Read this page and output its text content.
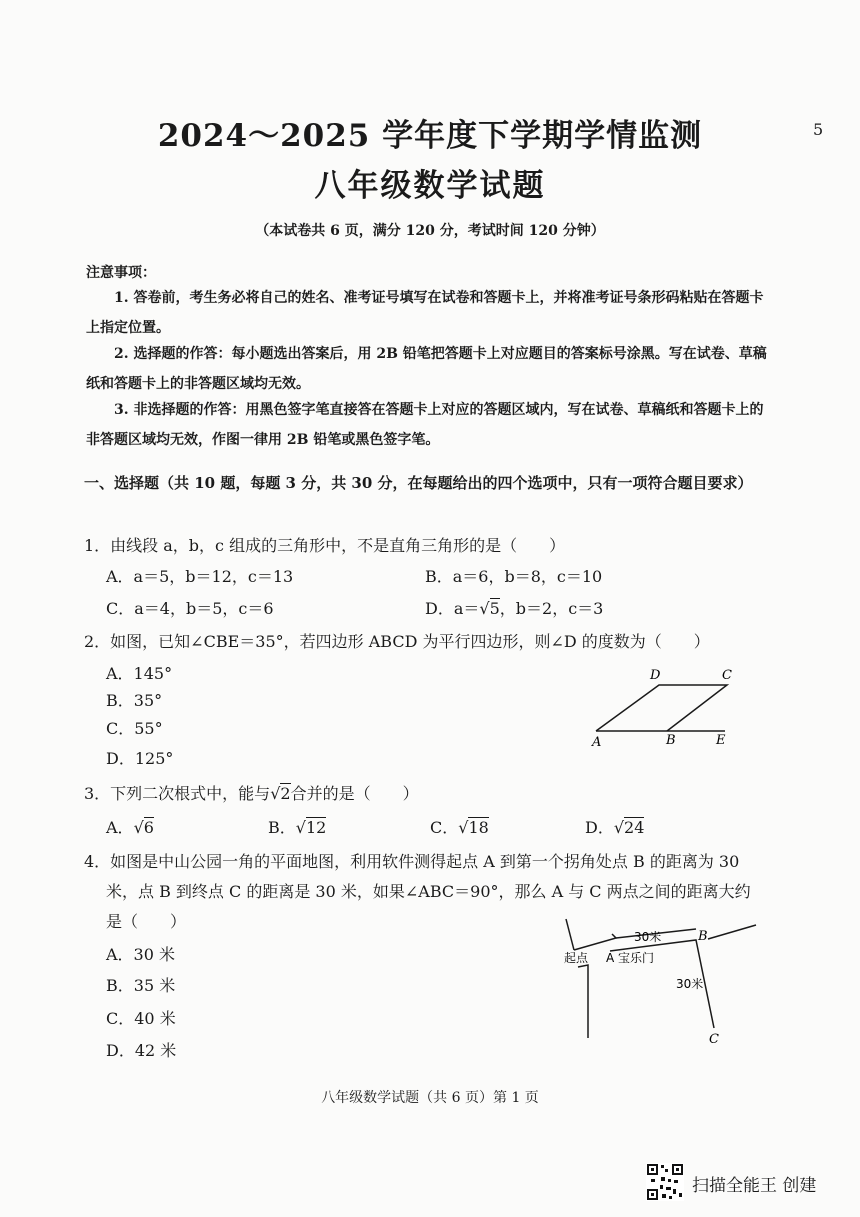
2024～2025 学年度下学期学情监测
八年级数学试题
5
（本试卷共 6 页，满分 120 分，考试时间 120 分钟）
注意事项：
1. 答卷前，考生务必将自己的姓名、准考证号填写在试卷和答题卡上，并将准考证号条形码粘贴在答题卡上指定位置。
2. 选择题的作答：每小题选出答案后，用 2B 铅笔把答题卡上对应题目的答案标号涂黑。写在试卷、草稿纸和答题卡上的非答题区域均无效。
3. 非选择题的作答：用黑色签字笔直接答在答题卡上对应的答题区域内，写在试卷、草稿纸和答题卡上的非答题区域均无效，作图一律用 2B 铅笔或黑色签字笔。
一、选择题（共 10 题，每题 3 分，共 30 分，在每题给出的四个选项中，只有一项符合题目要求）
1．由线段 a，b，c 组成的三角形中，不是直角三角形的是（　　）
A．a＝5，b＝12，c＝13	B．a＝6，b＝8，c＝10
C．a＝4，b＝5，c＝6	D．a＝√5，b＝2，c＝3
2．如图，已知∠CBE＝35°，若四边形 ABCD 为平行四边形，则∠D 的度数为（　　）
A．145°
B．35°
C．55°
D．125°
D	C
A	B	E
3．下列二次根式中，能与√2合并的是（　　）
A．√6	B．√12	C．√18	D．√24
4．如图是中山公园一角的平面地图，利用软件测得起点 A 到第一个拐角处点 B 的距离为 30
米，点 B 到终点 C 的距离是 30 米，如果∠ABC＝90°，那么 A 与 C 两点之间的距离大约
是（　　）
A．30 米
B．35 米
C．40 米
D．42 米
30米	B
起点 A 宝乐门
30米
C
八年级数学试题（共 6 页）第 1 页
扫描全能王 创建
